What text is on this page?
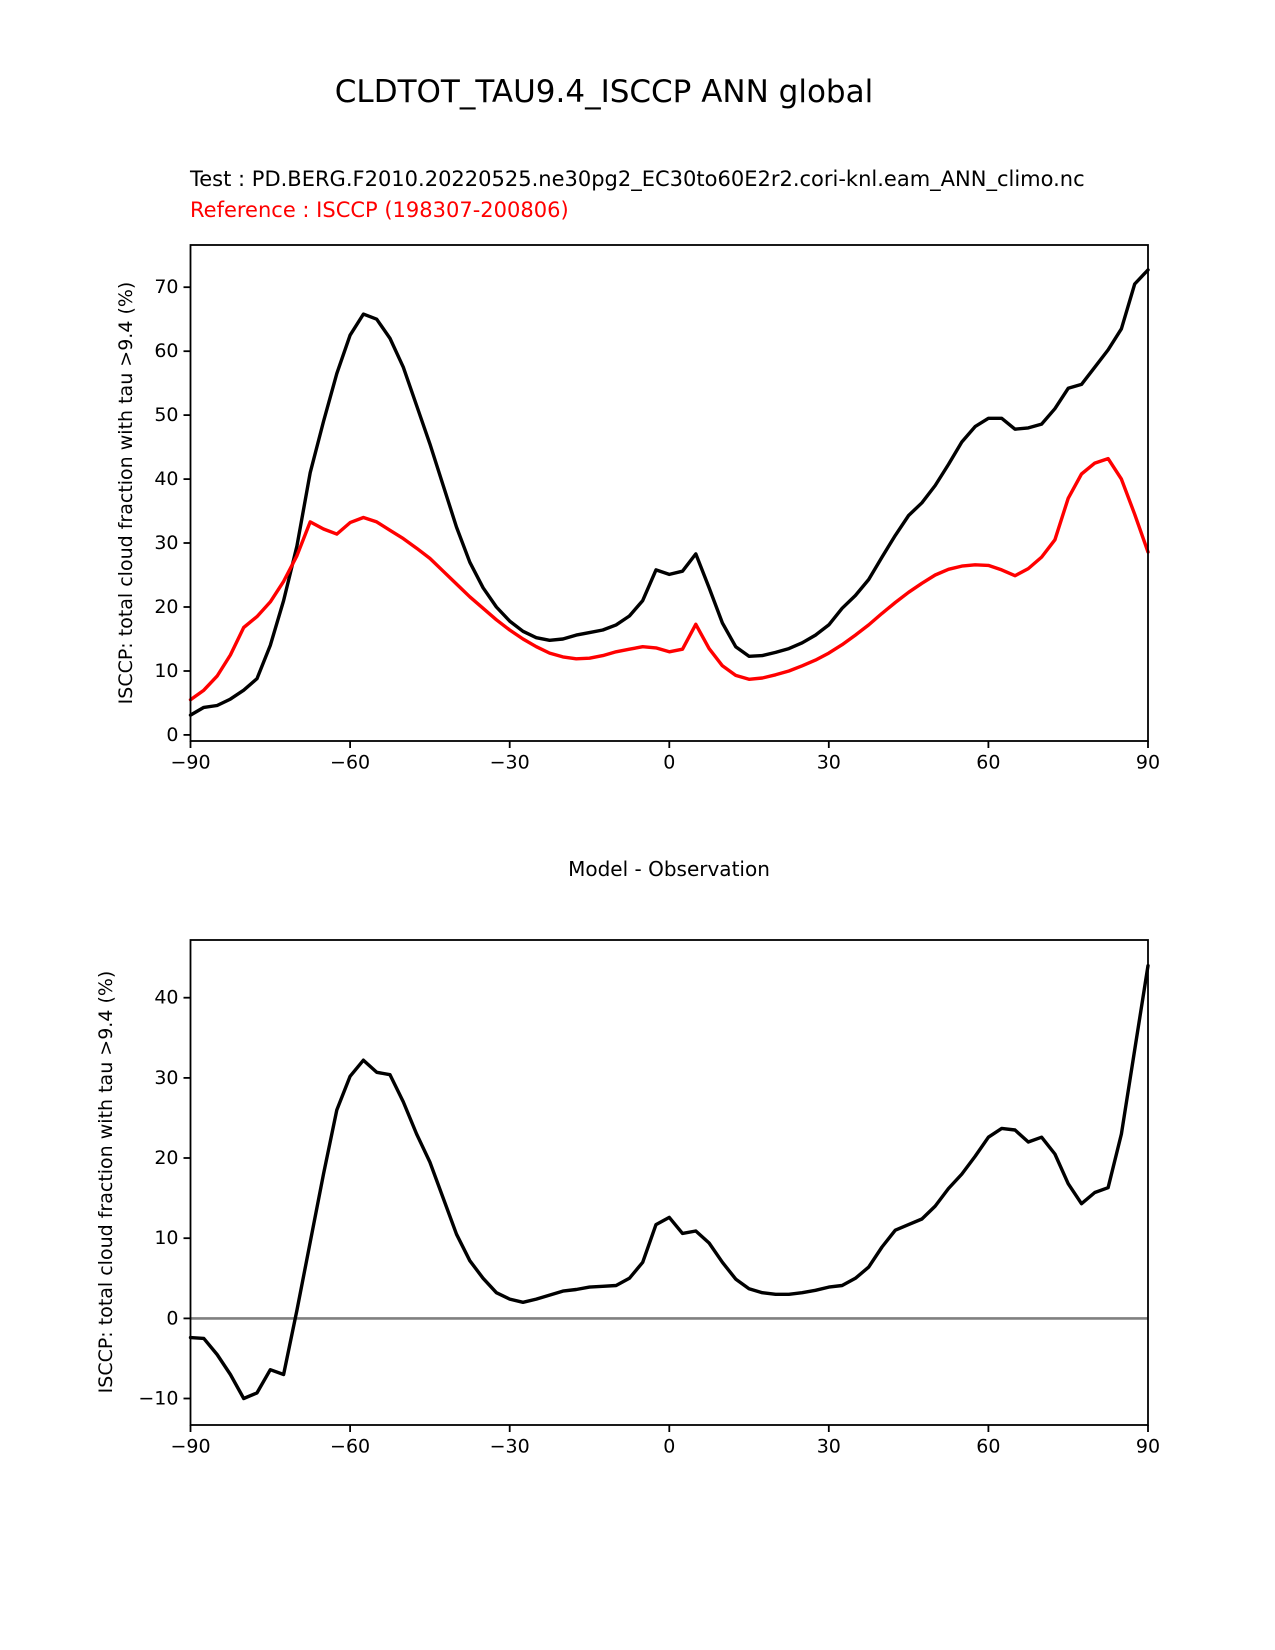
CLDTOT_TAU9.4_ISCCP ANN global
Test : PD.BERG.F2010.20220525.ne30pg2_EC30to60E2r2.cori-knl.eam_ANN_climo.nc
Reference : ISCCP (198307-200806)
ISCCP: total cloud fraction with tau >9.4 (%)
Model - Observation
ISCCP: total cloud fraction with tau >9.4 (%)
−90	−60	−30	0	30	60	90
0
10
20
30
40
50
60
70
−90	−60	−30	0	30	60	90
−10
0
10
20
30
40
